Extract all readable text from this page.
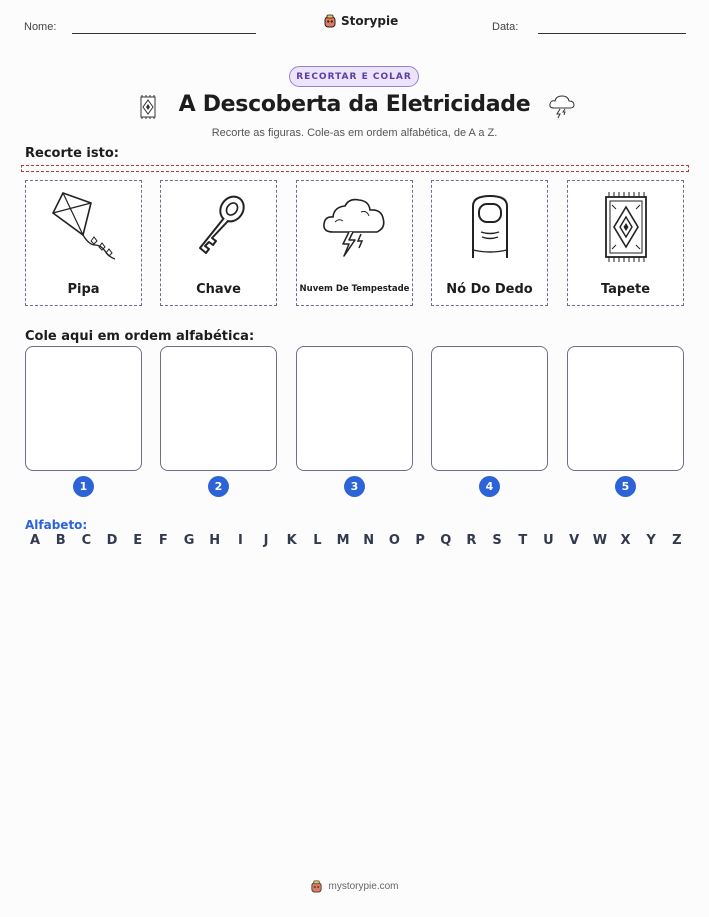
Nome:	Storypie	Data:
RECORTAR E COLAR
A Descoberta da Eletricidade
Recorte as figuras. Cole-as em ordem alfabética, de A a Z.
Recorte isto:
Pipa	Chave	Nuvem De Tempestade	Nó Do Dedo	Tapete
Cole aqui em ordem alfabética:
1	2	3	4	5
Alfabeto:
A B C D E F G H	I	J	K L M N O P Q R S T U V W X Y Z
mystorypie.com
